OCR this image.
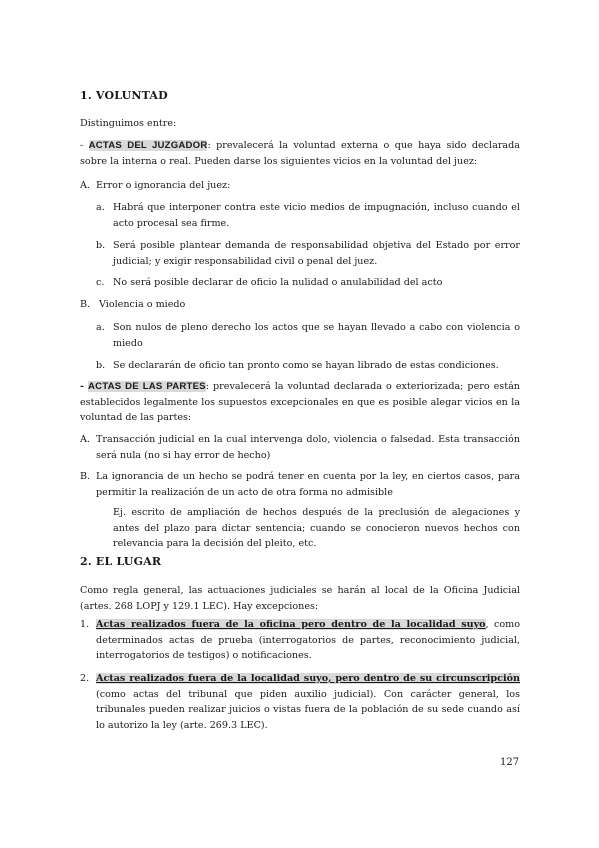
1. VOLUNTAD
Distinguimos entre:
- ACTAS DEL JUZGADOR: prevalecerá la voluntad externa o que haya sido declarada sobre la interna o real. Pueden darse los siguientes vicios en la voluntad del juez:
A. Error o ignorancia del juez:
a. Habrá que interponer contra este vicio medios de impugnación, incluso cuando el acto procesal sea firme.
b. Será posible plantear demanda de responsabilidad objetiva del Estado por error judicial; y exigir responsabilidad civil o penal del juez.
c. No será posible declarar de oficio la nulidad o anulabilidad del acto
B. Violencia o miedo
a. Son nulos de pleno derecho los actos que se hayan llevado a cabo con violencia o miedo
b. Se declararán de oficio tan pronto como se hayan librado de estas condiciones.
- ACTAS DE LAS PARTES: prevalecerá la voluntad declarada o exteriorizada; pero están establecidos legalmente los supuestos excepcionales en que es posible alegar vicios en la voluntad de las partes:
A. Transacción judicial en la cual intervenga dolo, violencia o falsedad. Esta transacción será nula (no si hay error de hecho)
B. La ignorancia de un hecho se podrá tener en cuenta por la ley, en ciertos casos, para permitir la realización de un acto de otra forma no admisible
Ej. escrito de ampliación de hechos después de la preclusión de alegaciones y antes del plazo para dictar sentencia; cuando se conocieron nuevos hechos con relevancia para la decisión del pleito, etc.
2. EL LUGAR
Como regla general, las actuaciones judiciales se harán al local de la Oficina Judicial (artes. 268 LOPJ y 129.1 LEC). Hay excepciones:
1. Actas realizados fuera de la oficina pero dentro de la localidad suyo, como determinados actas de prueba (interrogatorios de partes, reconocimiento judicial, interrogatorios de testigos) o notificaciones.
2. Actas realizados fuera de la localidad suyo, pero dentro de su circunscripción (como actas del tribunal que piden auxilio judicial). Con carácter general, los tribunales pueden realizar juicios o vistas fuera de la población de su sede cuando así lo autorizo la ley (arte. 269.3 LEC).
127
